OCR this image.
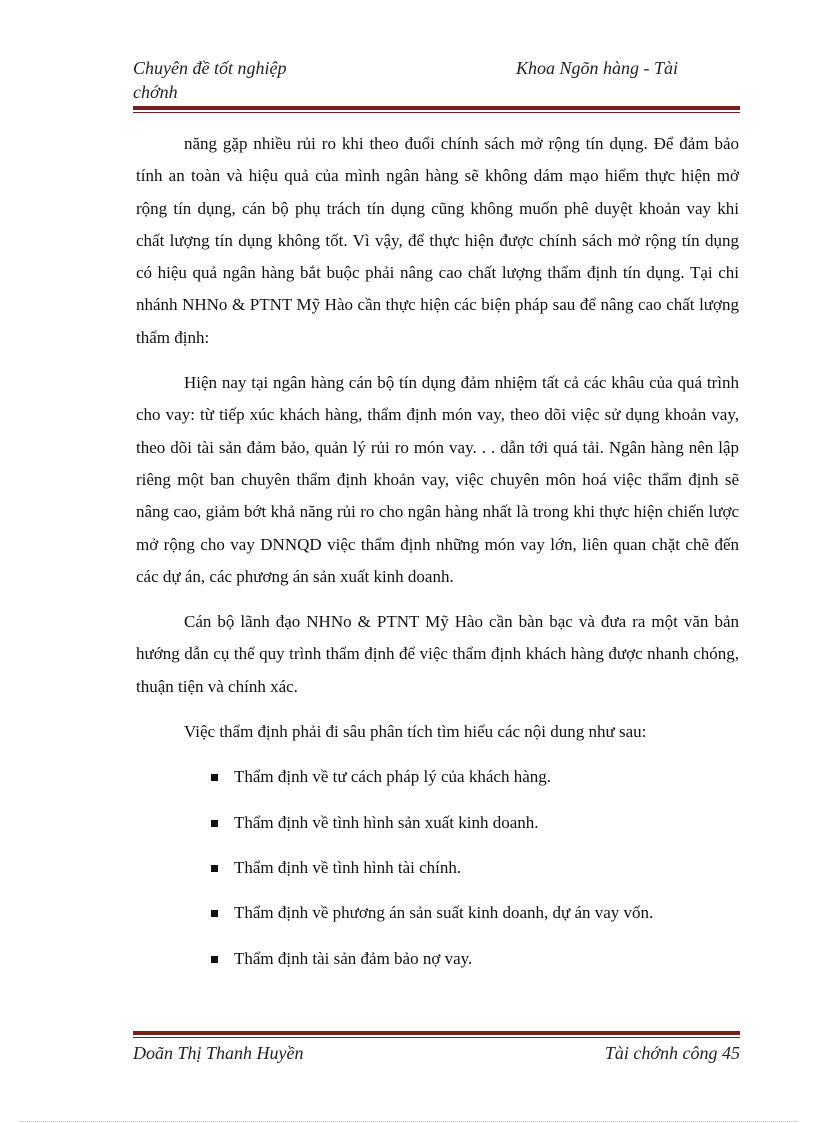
Chuyên đề tốt nghiệp chớnh
Khoa Ngõn hàng - Tài

năng gặp nhiều rủi ro khi theo đuổi chính sách mở rộng tín dụng. Để đảm bảo tính an toàn và hiệu quả của mình ngân hàng sẽ không dám mạo hiểm thực hiện mở rộng tín dụng, cán bộ phụ trách tín dụng cũng không muốn phê duyệt khoản vay khi chất lượng tín dụng không tốt. Vì vậy, để thực hiện được chính sách mở rộng tín dụng có hiệu quả ngân hàng bắt buộc phải nâng cao chất lượng thẩm định tín dụng. Tại chi nhánh NHNo & PTNT Mỹ Hào cần thực hiện các biện pháp sau để nâng cao chất lượng thẩm định:

Hiện nay tại ngân hàng cán bộ tín dụng đảm nhiệm tất cả các khâu của quá trình cho vay: từ tiếp xúc khách hàng, thẩm định món vay, theo dõi việc sử dụng khoản vay, theo dõi tài sản đảm bảo, quản lý rủi ro món vay. . . dẫn tới quá tải. Ngân hàng nên lập riêng một ban chuyên thẩm định khoản vay, việc chuyên môn hoá việc thẩm định sẽ nâng cao, giảm bớt khả năng rủi ro cho ngân hàng nhất là trong khi thực hiện chiến lược mở rộng cho vay DNNQD việc thẩm định những món vay lớn, liên quan chặt chẽ đến các dự án, các phương án sản xuất kinh doanh.

Cán bộ lãnh đạo NHNo & PTNT Mỹ Hào cần bàn bạc và đưa ra một văn bản hướng dẫn cụ thể quy trình thẩm định để việc thẩm định khách hàng được nhanh chóng, thuận tiện và chính xác.

Việc thẩm định phải đi sâu phân tích tìm hiểu các nội dung như sau:

Thẩm định về tư cách pháp lý của khách hàng.
Thẩm định về tình hình sản xuất kinh doanh.
Thẩm định về tình hình tài chính.
Thẩm định về phương án sản suất kinh doanh, dự án vay vốn.
Thẩm định tài sản đảm bảo nợ vay.
Doãn Thị Thanh Huyền	Tài chớnh công 45
